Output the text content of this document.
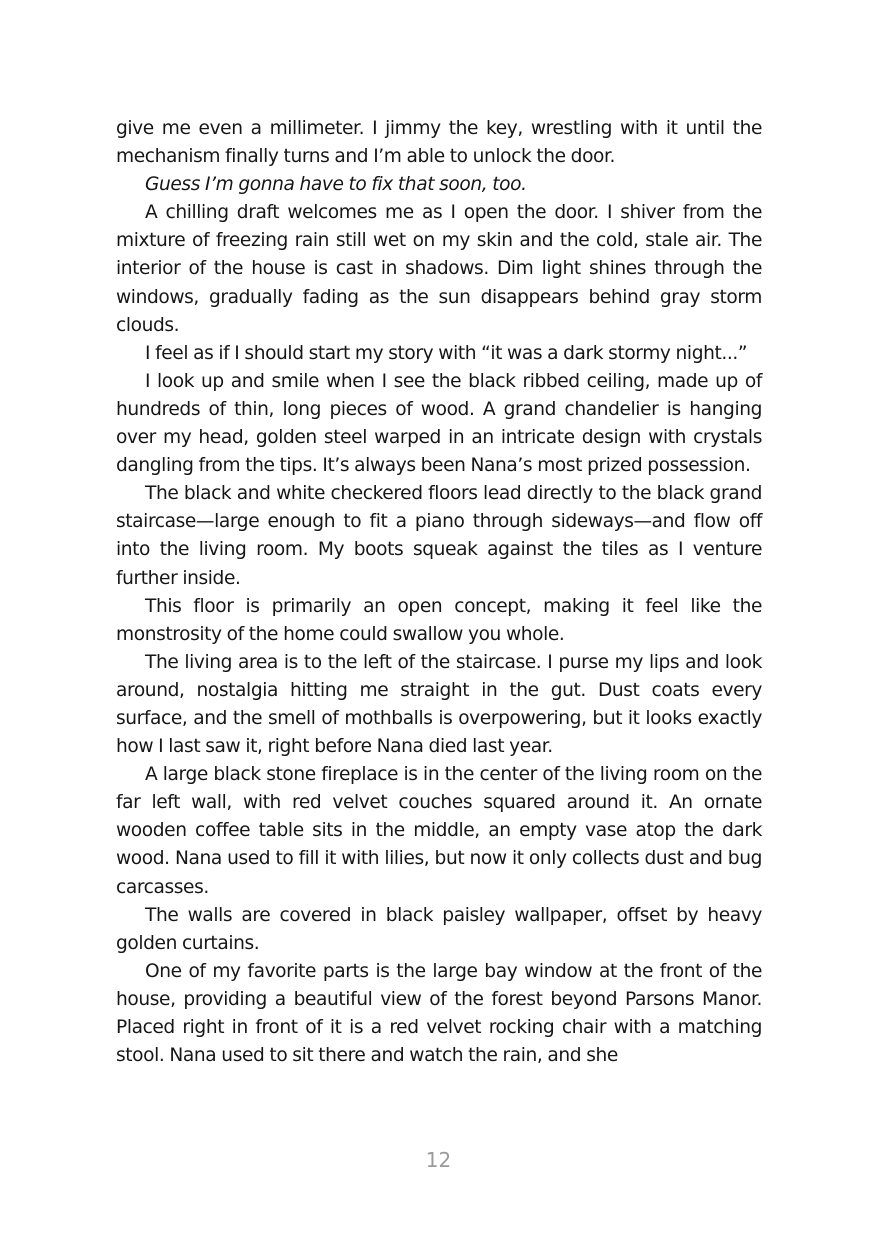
give me even a millimeter. I jimmy the key, wrestling with it until the mechanism finally turns and I’m able to unlock the door.

Guess I’m gonna have to fix that soon, too.

A chilling draft welcomes me as I open the door. I shiver from the mixture of freezing rain still wet on my skin and the cold, stale air. The interior of the house is cast in shadows. Dim light shines through the windows, gradually fading as the sun disappears behind gray storm clouds.

I feel as if I should start my story with “it was a dark stormy night...”

I look up and smile when I see the black ribbed ceiling, made up of hundreds of thin, long pieces of wood. A grand chandelier is hanging over my head, golden steel warped in an intricate design with crystals dangling from the tips. It’s always been Nana’s most prized possession.

The black and white checkered floors lead directly to the black grand staircase—large enough to fit a piano through sideways—and flow off into the living room. My boots squeak against the tiles as I venture further inside.

This floor is primarily an open concept, making it feel like the monstrosity of the home could swallow you whole.

The living area is to the left of the staircase. I purse my lips and look around, nostalgia hitting me straight in the gut. Dust coats every surface, and the smell of mothballs is overpowering, but it looks exactly how I last saw it, right before Nana died last year.

A large black stone fireplace is in the center of the living room on the far left wall, with red velvet couches squared around it. An ornate wooden coffee table sits in the middle, an empty vase atop the dark wood. Nana used to fill it with lilies, but now it only collects dust and bug carcasses.

The walls are covered in black paisley wallpaper, offset by heavy golden curtains.

One of my favorite parts is the large bay window at the front of the house, providing a beautiful view of the forest beyond Parsons Manor. Placed right in front of it is a red velvet rocking chair with a matching stool. Nana used to sit there and watch the rain, and she

12
